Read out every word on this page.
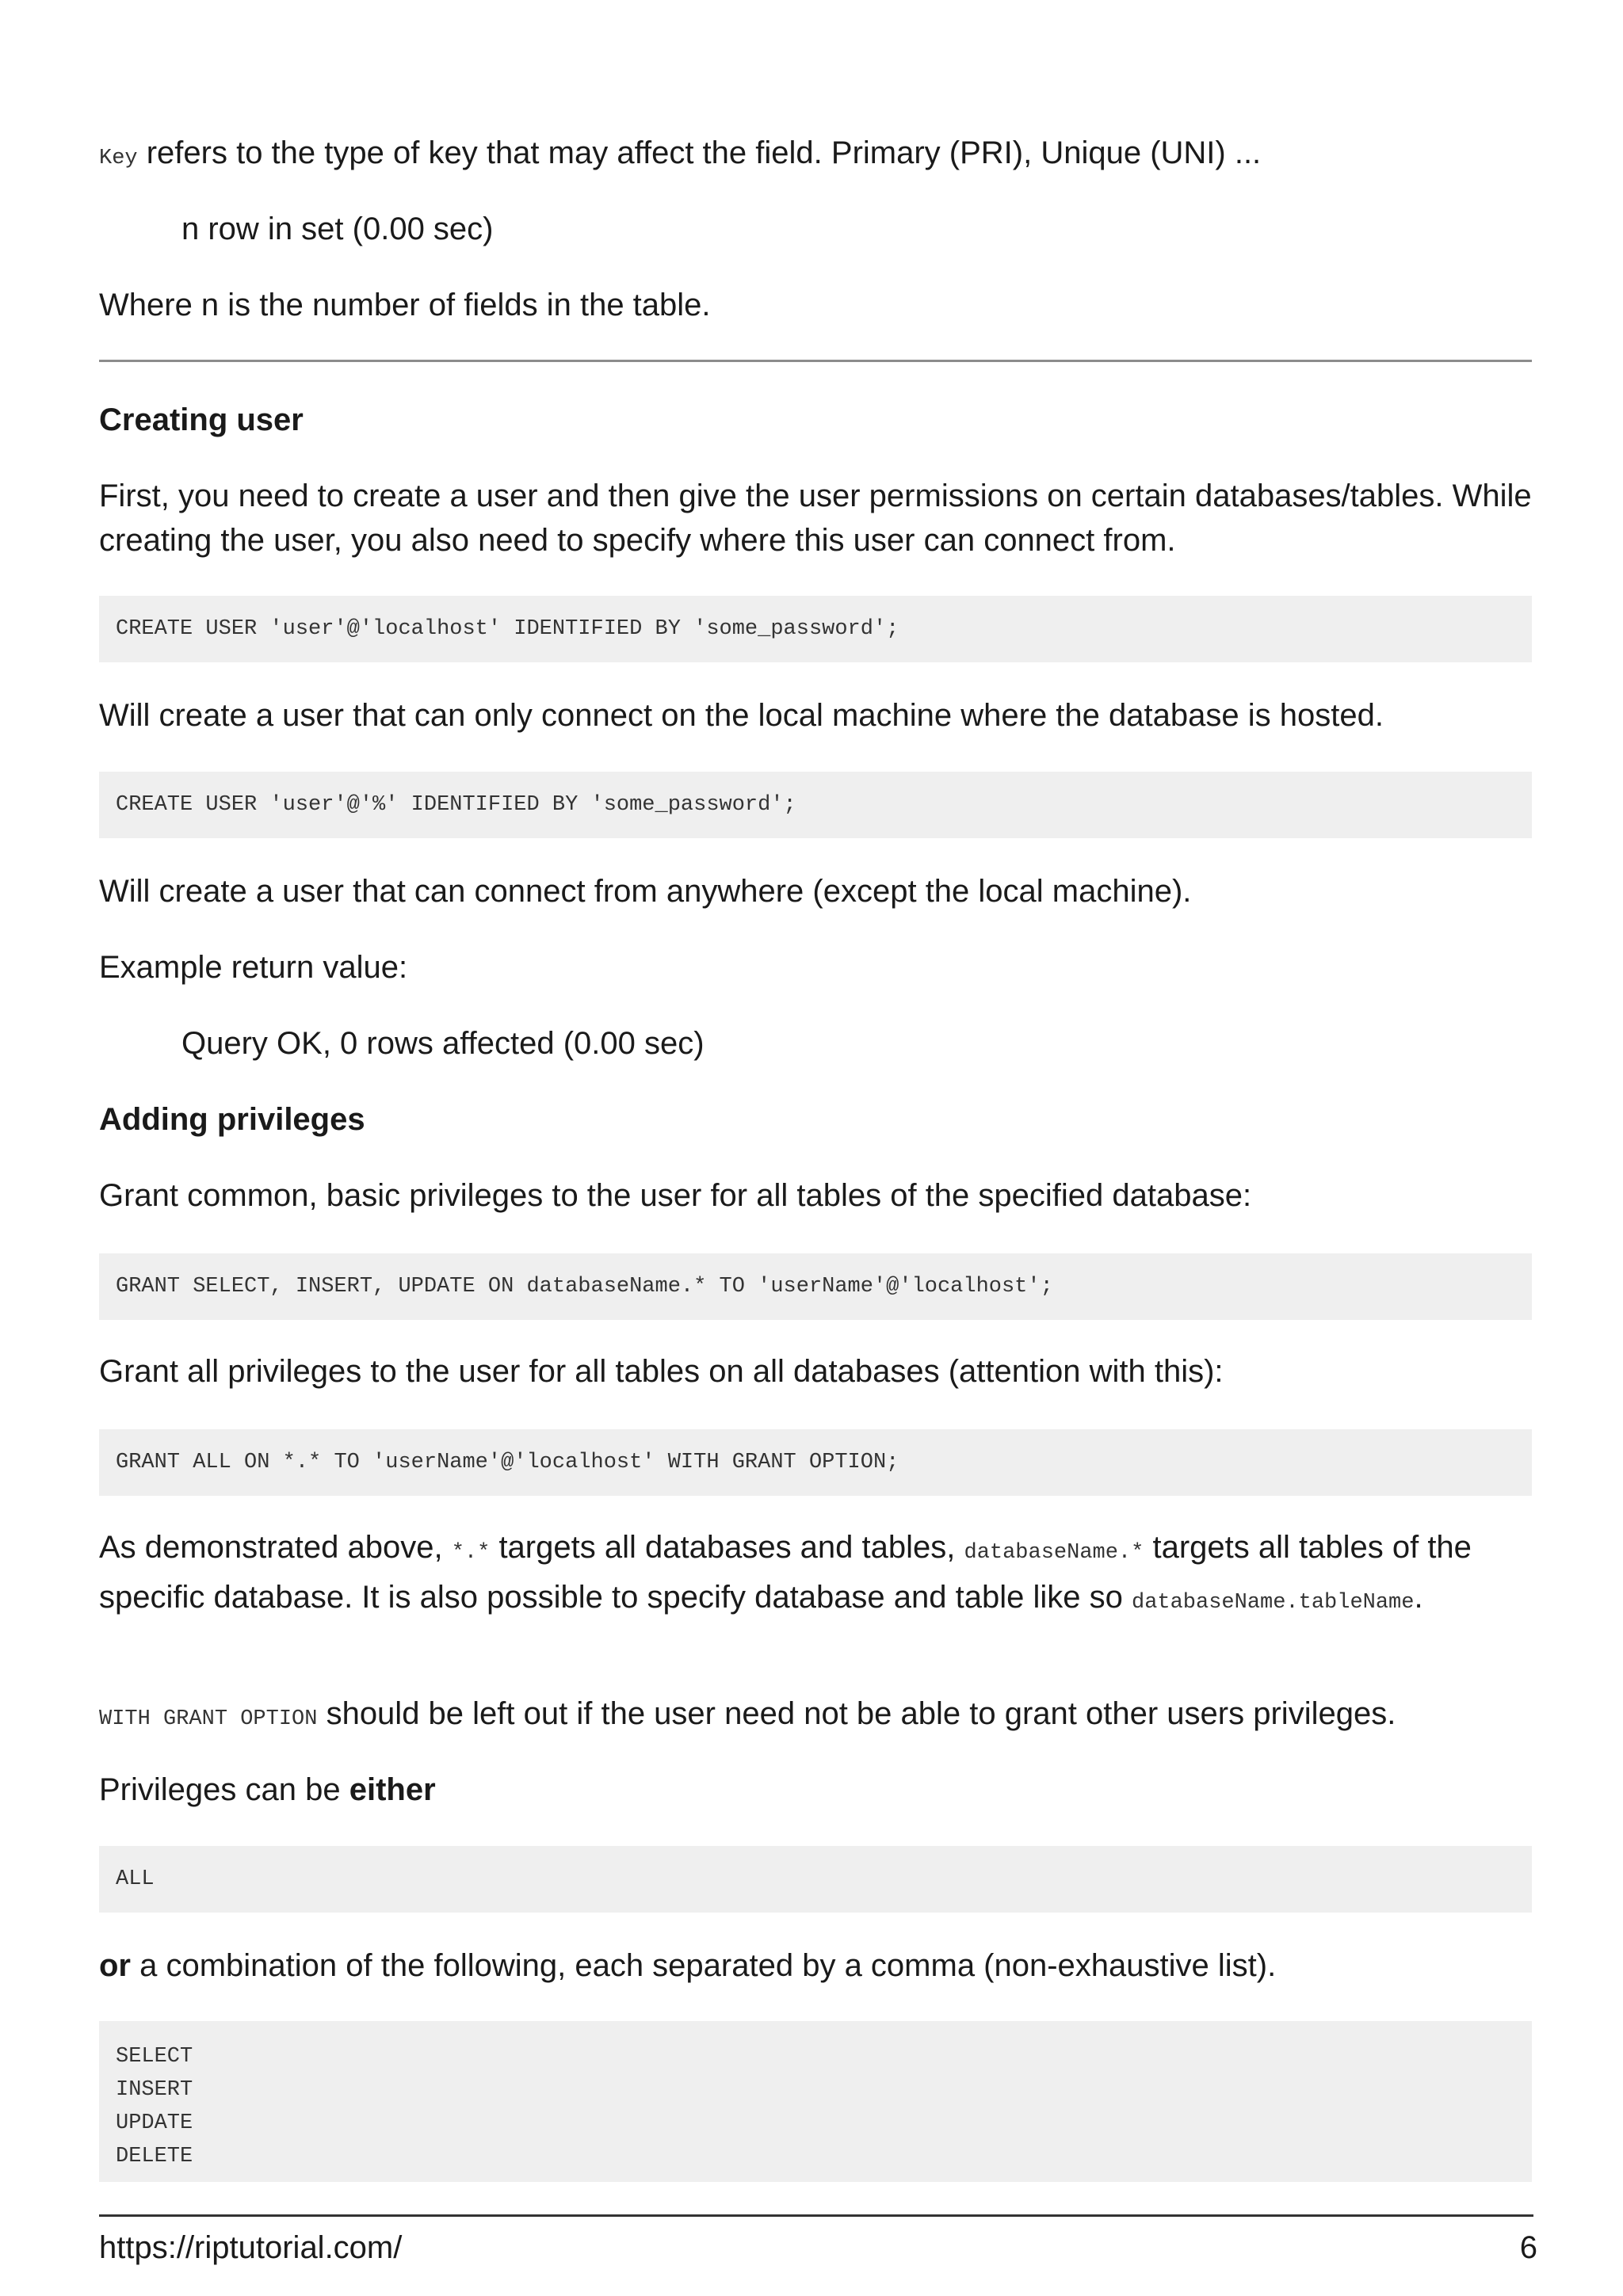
Key refers to the type of key that may affect the field. Primary (PRI), Unique (UNI) ...

n row in set (0.00 sec)

Where n is the number of fields in the table.

Creating user

First, you need to create a user and then give the user permissions on certain databases/tables. While creating the user, you also need to specify where this user can connect from.

CREATE USER 'user'@'localhost' IDENTIFIED BY 'some_password';

Will create a user that can only connect on the local machine where the database is hosted.

CREATE USER 'user'@'%' IDENTIFIED BY 'some_password';

Will create a user that can connect from anywhere (except the local machine).

Example return value:

Query OK, 0 rows affected (0.00 sec)

Adding privileges

Grant common, basic privileges to the user for all tables of the specified database:

GRANT SELECT, INSERT, UPDATE ON databaseName.* TO 'userName'@'localhost';

Grant all privileges to the user for all tables on all databases (attention with this):

GRANT ALL ON *.* TO 'userName'@'localhost' WITH GRANT OPTION;

As demonstrated above, *.* targets all databases and tables, databaseName.* targets all tables of the specific database. It is also possible to specify database and table like so databaseName.tableName.

WITH GRANT OPTION should be left out if the user need not be able to grant other users privileges.

Privileges can be either

ALL

or a combination of the following, each separated by a comma (non-exhaustive list).

SELECT
INSERT
UPDATE
DELETE
https://riptutorial.com/	6
